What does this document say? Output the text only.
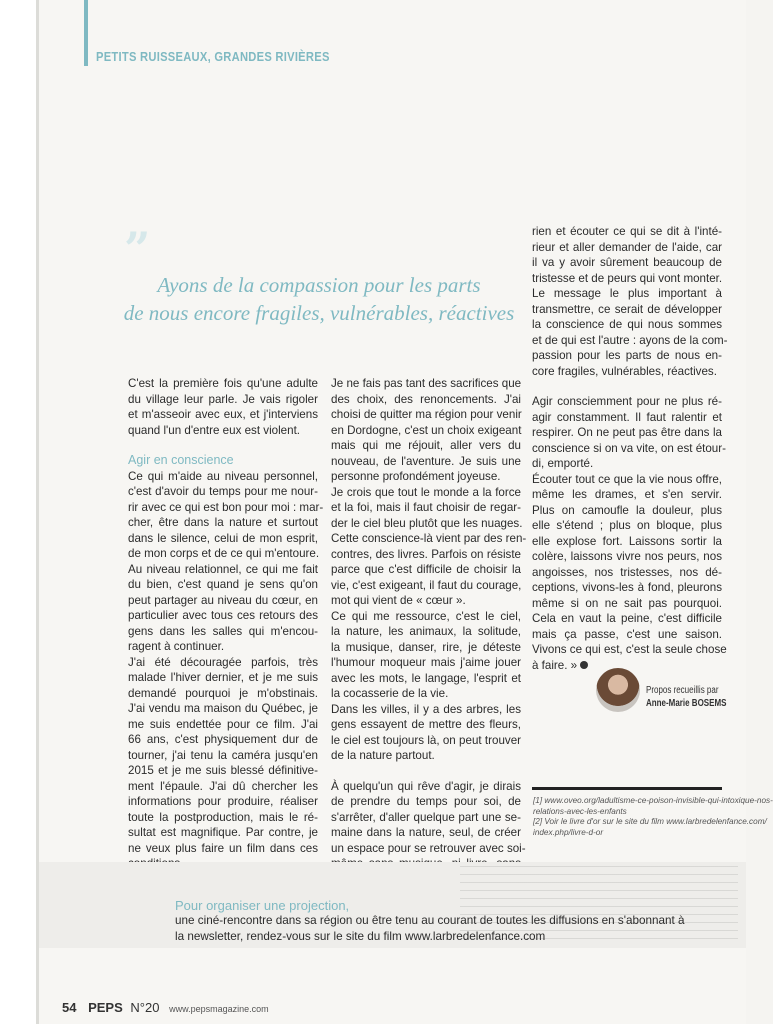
PETITS RUISSEAUX, GRANDES RIVIÈRES
”
Ayons de la compassion pour les parts
de nous encore fragiles, vulnérables, réactives
C'est la première fois qu'une adulte
du village leur parle. Je vais rigoler
et m'asseoir avec eux, et j'interviens
quand l'un d'entre eux est violent.

Agir en conscience

Ce qui m'aide au niveau personnel,
c'est d'avoir du temps pour me nour-
rir avec ce qui est bon pour moi : mar-
cher, être dans la nature et surtout
dans le silence, celui de mon esprit,
de mon corps et de ce qui m'entoure.
Au niveau relationnel, ce qui me fait
du bien, c'est quand je sens qu'on
peut partager au niveau du cœur, en
particulier avec tous ces retours des
gens dans les salles qui m'encou-
ragent à continuer.
J'ai été découragée parfois, très
malade l'hiver dernier, et je me suis
demandé pourquoi je m'obstinais.
J'ai vendu ma maison du Québec, je
me suis endettée pour ce film. J'ai
66 ans, c'est physiquement dur de
tourner, j'ai tenu la caméra jusqu'en
2015 et je me suis blessé définitive-
ment l'épaule. J'ai dû chercher les
informations pour produire, réaliser
toute la postproduction, mais le ré-
sultat est magnifique. Par contre, je
ne veux plus faire un film dans ces
Je ne fais pas tant des sacrifices que
des choix, des renoncements. J'ai
choisi de quitter ma région pour venir
en Dordogne, c'est un choix exigeant
mais qui me réjouit, aller vers du
nouveau, de l'aventure. Je suis une
personne profondément joyeuse.
Je crois que tout le monde a la force
et la foi, mais il faut choisir de regar-
der le ciel bleu plutôt que les nuages.
Cette conscience-là vient par des ren-
contres, des livres. Parfois on résiste
parce que c'est difficile de choisir la
vie, c'est exigeant, il faut du courage,
mot qui vient de « cœur ».
Ce qui me ressource, c'est le ciel,
la nature, les animaux, la solitude,
la musique, danser, rire, je déteste
l'humour moqueur mais j'aime jouer
avec les mots, le langage, l'esprit et
la cocasserie de la vie.
Dans les villes, il y a des arbres, les
gens essayent de mettre des fleurs,
le ciel est toujours là, on peut trouver
de la nature partout.
À quelqu'un qui rêve d'agir, je dirais
de prendre du temps pour soi, de
s'arrêter, d'aller quelque part une se-
maine dans la nature, seul, de créer
un espace pour se retrouver avec soi-
rien et écouter ce qui se dit à l'inté-
rieur et aller demander de l'aide, car
il va y avoir sûrement beaucoup de
tristesse et de peurs qui vont monter.
Le message le plus important à
transmettre, ce serait de développer
la conscience de qui nous sommes
et de qui est l'autre : ayons de la com-
passion pour les parts de nous en-
core fragiles, vulnérables, réactives.
Agir consciemment pour ne plus ré-
agir constamment. Il faut ralentir et
respirer. On ne peut pas être dans la
conscience si on va vite, on est étour-
di, emporté.
Écouter tout ce que la vie nous offre,
même les drames, et s'en servir.
Plus on camoufle la douleur, plus
elle s'étend ; plus on bloque, plus
elle explose fort. Laissons sortir la
colère, laissons vivre nos peurs, nos
angoisses, nos tristesses, nos dé-
ceptions, vivons-les à fond, pleurons
même si on ne sait pas pourquoi.
Cela en vaut la peine, c'est difficile
mais ça passe, c'est une saison.
Vivons ce qui est, c'est la seule chose
à faire. »
Propos recueillis par
Anne-Marie BOSEMS
[1] www.oveo.org/ladultisme-ce-poison-invisible-qui-intoxique-nos-
relations-avec-les-enfants
[2] Voir le livre d'or sur le site du film www.larbredelenfance.com/
index.php/livre-d-or
Pour organiser une projection,
une ciné-rencontre dans sa région ou être tenu au courant de toutes les diffusions en s'abonnant à
la newsletter, rendez-vous sur le site du film www.larbredelenfance.com
54 PEPS N°20 www.pepsmagazine.com
